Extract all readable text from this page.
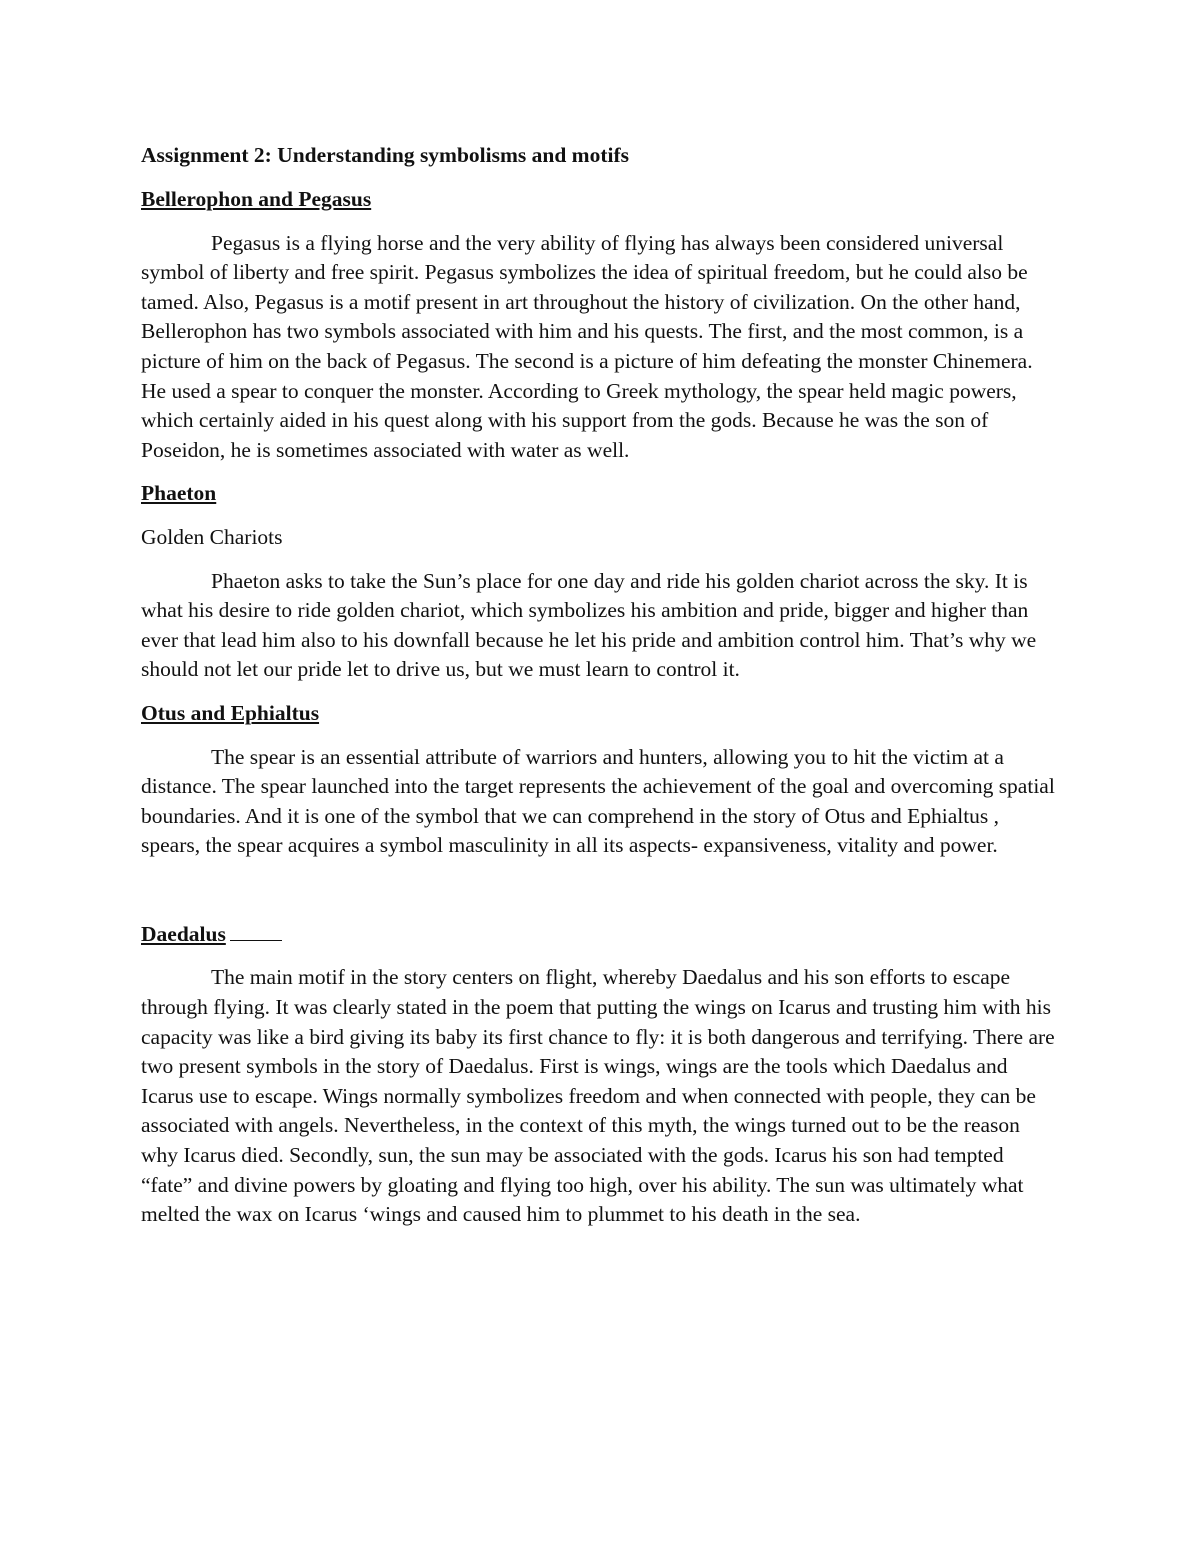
Assignment 2: Understanding symbolisms and motifs

Bellerophon and Pegasus

Pegasus is a flying horse and the very ability of flying has always been considered universal symbol of liberty and free spirit. Pegasus symbolizes the idea of spiritual freedom, but he could also be tamed. Also, Pegasus is a motif present in art throughout the history of civilization. On the other hand, Bellerophon has two symbols associated with him and his quests. The first, and the most common, is a picture of him on the back of Pegasus. The second is a picture of him defeating the monster Chinemera. He used a spear to conquer the monster. According to Greek mythology, the spear held magic powers, which certainly aided in his quest along with his support from the gods. Because he was the son of Poseidon, he is sometimes associated with water as well.

Phaeton

Golden Chariots

Phaeton asks to take the Sun’s place for one day and ride his golden chariot across the sky. It is what his desire to ride golden chariot, which symbolizes his ambition and pride, bigger and higher than ever that lead him also to his downfall because he let his pride and ambition control him. That’s why we should not let our pride let to drive us, but we must learn to control it.

Otus and Ephialtus

The spear is an essential attribute of warriors and hunters, allowing you to hit the victim at a distance. The spear launched into the target represents the achievement of the goal and overcoming spatial boundaries. And it is one of the symbol that we can comprehend in the story of Otus and Ephialtus , spears, the spear acquires a symbol masculinity in all its aspects- expansiveness, vitality and power.

Daedalus

The main motif in the story centers on flight, whereby Daedalus and his son efforts to escape through flying. It was clearly stated in the poem that putting the wings on Icarus and trusting him with his capacity was like a bird giving its baby its first chance to fly: it is both dangerous and terrifying. There are two present symbols in the story of Daedalus. First is wings, wings are the tools which Daedalus and Icarus use to escape. Wings normally symbolizes freedom and when connected with people, they can be associated with angels. Nevertheless, in the context of this myth, the wings turned out to be the reason why Icarus died. Secondly, sun, the sun may be associated with the gods. Icarus his son had tempted “fate” and divine powers by gloating and flying too high, over his ability. The sun was ultimately what melted the wax on Icarus ‘wings and caused him to plummet to his death in the sea.
